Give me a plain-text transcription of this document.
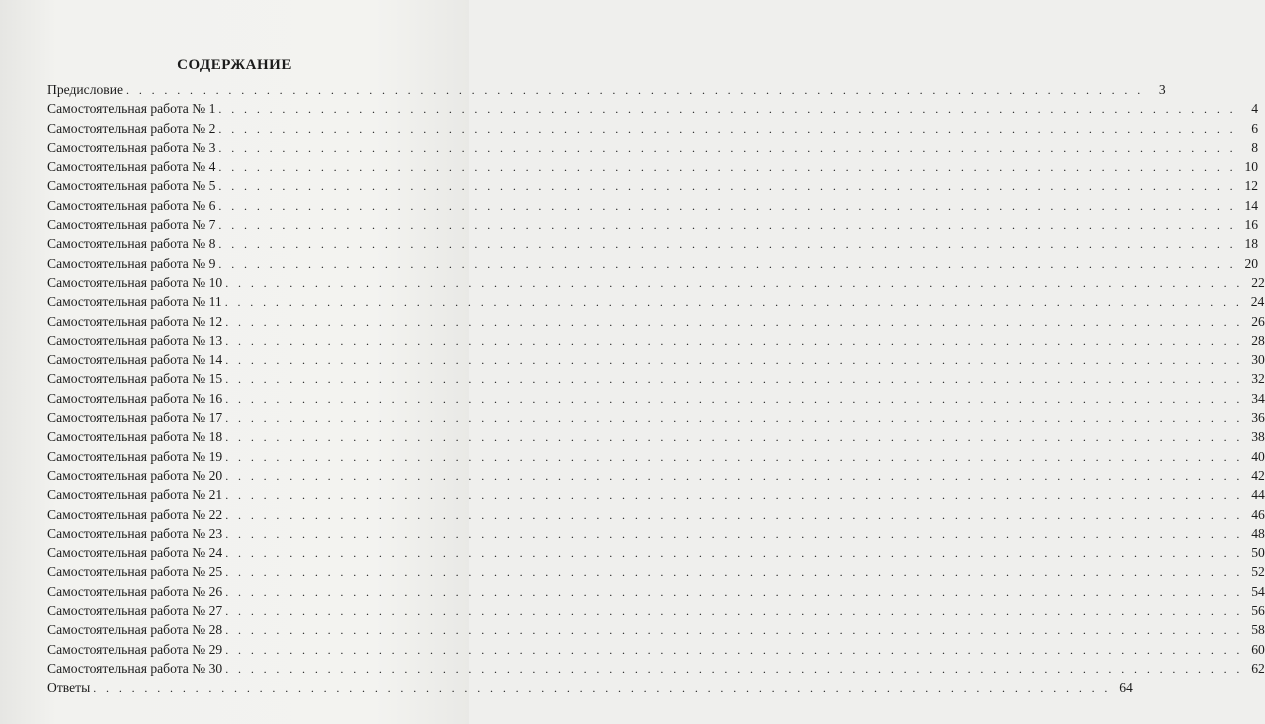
СОДЕРЖАНИЕ
Предисловие . . . . . . . . . . . . . . . . . . . . . . . . . . . . . . . . . . . . . . . . . . . . . . . . . . . . . . . . . . . . . . . . . . . . . . . . . . . . . . . .	3
Самостоятельная работа № 1 . . . . . . . . . . . . . . . . . . . . . . . . . . . . . . . . . . . . . . . . . . . . . . . . . . . . . . . . . . . . . . . . . . . . . . . . . . . . . . . .	4
Самостоятельная работа № 2 . . . . . . . . . . . . . . . . . . . . . . . . . . . . . . . . . . . . . . . . . . . . . . . . . . . . . . . . . . . . . . . . . . . . . . . . . . . . . . . .	6
Самостоятельная работа № 3 . . . . . . . . . . . . . . . . . . . . . . . . . . . . . . . . . . . . . . . . . . . . . . . . . . . . . . . . . . . . . . . . . . . . . . . . . . . . . . . .	8
Самостоятельная работа № 4 . . . . . . . . . . . . . . . . . . . . . . . . . . . . . . . . . . . . . . . . . . . . . . . . . . . . . . . . . . . . . . . . . . . . . . . . . . . . . . . . 10
Самостоятельная работа № 5 . . . . . . . . . . . . . . . . . . . . . . . . . . . . . . . . . . . . . . . . . . . . . . . . . . . . . . . . . . . . . . . . . . . . . . . . . . . . . . . . 12
Самостоятельная работа № 6 . . . . . . . . . . . . . . . . . . . . . . . . . . . . . . . . . . . . . . . . . . . . . . . . . . . . . . . . . . . . . . . . . . . . . . . . . . . . . . . . 14
Самостоятельная работа № 7 . . . . . . . . . . . . . . . . . . . . . . . . . . . . . . . . . . . . . . . . . . . . . . . . . . . . . . . . . . . . . . . . . . . . . . . . . . . . . . . . 16
Самостоятельная работа № 8 . . . . . . . . . . . . . . . . . . . . . . . . . . . . . . . . . . . . . . . . . . . . . . . . . . . . . . . . . . . . . . . . . . . . . . . . . . . . . . . . 18
Самостоятельная работа № 9 . . . . . . . . . . . . . . . . . . . . . . . . . . . . . . . . . . . . . . . . . . . . . . . . . . . . . . . . . . . . . . . . . . . . . . . . . . . . . . . . 20
Самостоятельная работа № 10 . . . . . . . . . . . . . . . . . . . . . . . . . . . . . . . . . . . . . . . . . . . . . . . . . . . . . . . . . . . . . . . . . . . . . . . . . . . . . . . . 22
Самостоятельная работа № 11 . . . . . . . . . . . . . . . . . . . . . . . . . . . . . . . . . . . . . . . . . . . . . . . . . . . . . . . . . . . . . . . . . . . . . . . . . . . . . . . . 24
Самостоятельная работа № 12 . . . . . . . . . . . . . . . . . . . . . . . . . . . . . . . . . . . . . . . . . . . . . . . . . . . . . . . . . . . . . . . . . . . . . . . . . . . . . . . . 26
Самостоятельная работа № 13 . . . . . . . . . . . . . . . . . . . . . . . . . . . . . . . . . . . . . . . . . . . . . . . . . . . . . . . . . . . . . . . . . . . . . . . . . . . . . . . . 28
Самостоятельная работа № 14 . . . . . . . . . . . . . . . . . . . . . . . . . . . . . . . . . . . . . . . . . . . . . . . . . . . . . . . . . . . . . . . . . . . . . . . . . . . . . . . . 30
Самостоятельная работа № 15 . . . . . . . . . . . . . . . . . . . . . . . . . . . . . . . . . . . . . . . . . . . . . . . . . . . . . . . . . . . . . . . . . . . . . . . . . . . . . . . . 32
Самостоятельная работа № 16 . . . . . . . . . . . . . . . . . . . . . . . . . . . . . . . . . . . . . . . . . . . . . . . . . . . . . . . . . . . . . . . . . . . . . . . . . . . . . . . . 34
Самостоятельная работа № 17 . . . . . . . . . . . . . . . . . . . . . . . . . . . . . . . . . . . . . . . . . . . . . . . . . . . . . . . . . . . . . . . . . . . . . . . . . . . . . . . . 36
Самостоятельная работа № 18 . . . . . . . . . . . . . . . . . . . . . . . . . . . . . . . . . . . . . . . . . . . . . . . . . . . . . . . . . . . . . . . . . . . . . . . . . . . . . . . . 38
Самостоятельная работа № 19 . . . . . . . . . . . . . . . . . . . . . . . . . . . . . . . . . . . . . . . . . . . . . . . . . . . . . . . . . . . . . . . . . . . . . . . . . . . . . . . . 40
Самостоятельная работа № 20 . . . . . . . . . . . . . . . . . . . . . . . . . . . . . . . . . . . . . . . . . . . . . . . . . . . . . . . . . . . . . . . . . . . . . . . . . . . . . . . . 42
Самостоятельная работа № 21 . . . . . . . . . . . . . . . . . . . . . . . . . . . . . . . . . . . . . . . . . . . . . . . . . . . . . . . . . . . . . . . . . . . . . . . . . . . . . . . . 44
Самостоятельная работа № 22 . . . . . . . . . . . . . . . . . . . . . . . . . . . . . . . . . . . . . . . . . . . . . . . . . . . . . . . . . . . . . . . . . . . . . . . . . . . . . . . . 46
Самостоятельная работа № 23 . . . . . . . . . . . . . . . . . . . . . . . . . . . . . . . . . . . . . . . . . . . . . . . . . . . . . . . . . . . . . . . . . . . . . . . . . . . . . . . . 48
Самостоятельная работа № 24 . . . . . . . . . . . . . . . . . . . . . . . . . . . . . . . . . . . . . . . . . . . . . . . . . . . . . . . . . . . . . . . . . . . . . . . . . . . . . . . . 50
Самостоятельная работа № 25 . . . . . . . . . . . . . . . . . . . . . . . . . . . . . . . . . . . . . . . . . . . . . . . . . . . . . . . . . . . . . . . . . . . . . . . . . . . . . . . . 52
Самостоятельная работа № 26 . . . . . . . . . . . . . . . . . . . . . . . . . . . . . . . . . . . . . . . . . . . . . . . . . . . . . . . . . . . . . . . . . . . . . . . . . . . . . . . . 54
Самостоятельная работа № 27 . . . . . . . . . . . . . . . . . . . . . . . . . . . . . . . . . . . . . . . . . . . . . . . . . . . . . . . . . . . . . . . . . . . . . . . . . . . . . . . . 56
Самостоятельная работа № 28 . . . . . . . . . . . . . . . . . . . . . . . . . . . . . . . . . . . . . . . . . . . . . . . . . . . . . . . . . . . . . . . . . . . . . . . . . . . . . . . . 58
Самостоятельная работа № 29 . . . . . . . . . . . . . . . . . . . . . . . . . . . . . . . . . . . . . . . . . . . . . . . . . . . . . . . . . . . . . . . . . . . . . . . . . . . . . . . . 60
Самостоятельная работа № 30 . . . . . . . . . . . . . . . . . . . . . . . . . . . . . . . . . . . . . . . . . . . . . . . . . . . . . . . . . . . . . . . . . . . . . . . . . . . . . . . . 62
Ответы . . . . . . . . . . . . . . . . . . . . . . . . . . . . . . . . . . . . . . . . . . . . . . . . . . . . . . . . . . . . . . . . . . . . . . . . . . . . . . . . 64
